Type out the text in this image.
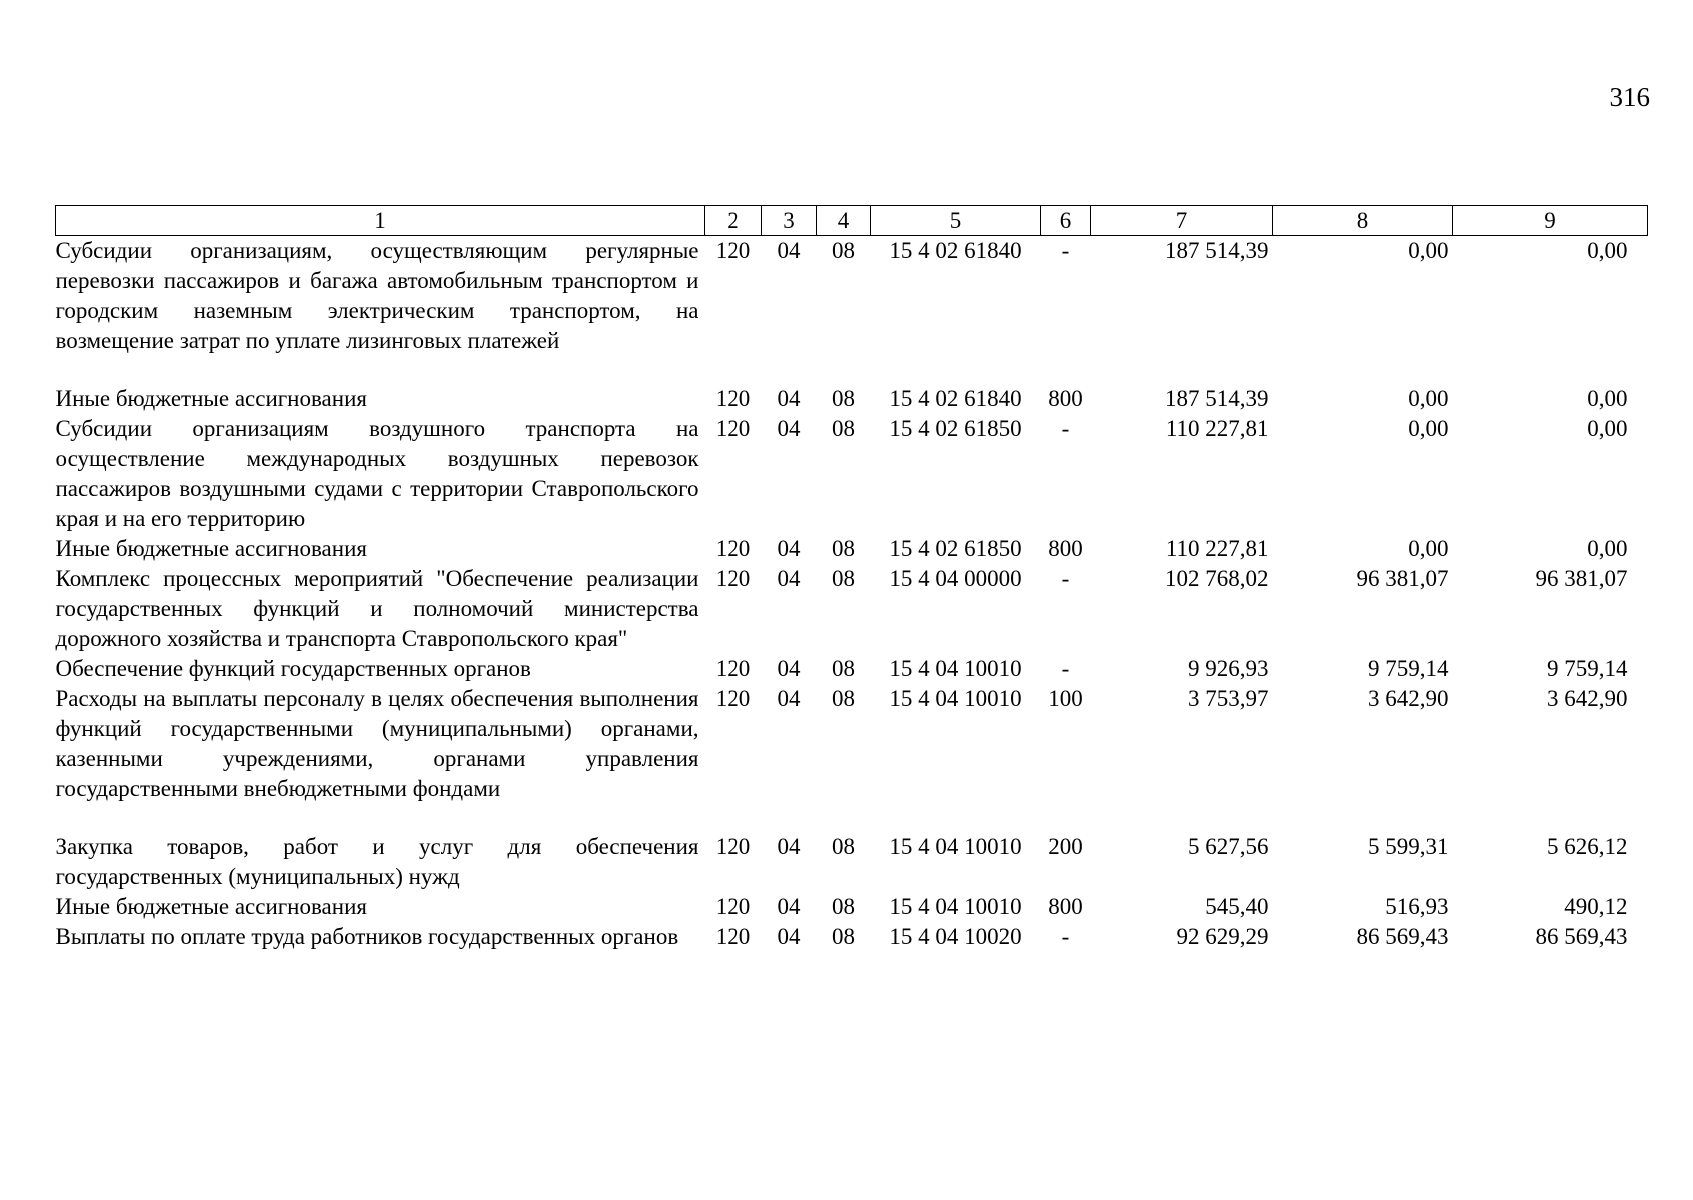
316
1	2	3	4	5	6	7	8	9
Субсидии организациям, осуществляющим регулярные перевозки пассажиров и багажа автомобильным транспортом и городским наземным электрическим транспортом, на возмещение затрат по уплате лизинговых платежей	120	04	08	15 4 02 61840	-	187 514,39	0,00	0,00
Иные бюджетные ассигнования	120	04	08	15 4 02 61840	800	187 514,39	0,00	0,00
Субсидии организациям воздушного транспорта на осуществление международных воздушных перевозок пассажиров воздушными судами с территории Ставропольского края и на его территорию	120	04	08	15 4 02 61850	-	110 227,81	0,00	0,00
Иные бюджетные ассигнования	120	04	08	15 4 02 61850	800	110 227,81	0,00	0,00
Комплекс процессных мероприятий "Обеспечение реализации государственных функций и полномочий министерства дорожного хозяйства и транспорта Ставропольского края"	120	04	08	15 4 04 00000	-	102 768,02	96 381,07	96 381,07
Обеспечение функций государственных органов	120	04	08	15 4 04 10010	-	9 926,93	9 759,14	9 759,14
Расходы на выплаты персоналу в целях обеспечения выполнения функций государственными (муниципальными) органами, казенными учреждениями, органами управления государственными внебюджетными фондами	120	04	08	15 4 04 10010	100	3 753,97	3 642,90	3 642,90
Закупка товаров, работ и услуг для обеспечения государственных (муниципальных) нужд	120	04	08	15 4 04 10010	200	5 627,56	5 599,31	5 626,12
Иные бюджетные ассигнования	120	04	08	15 4 04 10010	800	545,40	516,93	490,12
Выплаты по оплате труда работников государственных органов	120	04	08	15 4 04 10020	-	92 629,29	86 569,43	86 569,43
